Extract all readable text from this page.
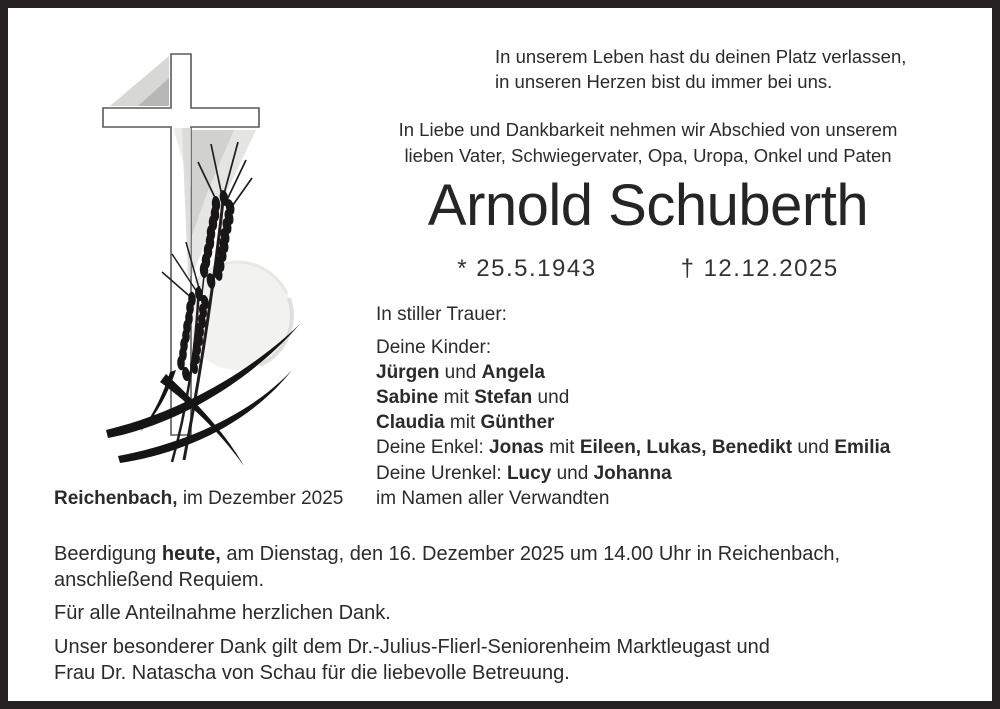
In unserem Leben hast du deinen Platz verlassen,
in unseren Herzen bist du immer bei uns.
In Liebe und Dankbarkeit nehmen wir Abschied von unserem
lieben Vater, Schwiegervater, Opa, Uropa, Onkel und Paten
Arnold Schuberth
* 25.5.1943	† 12.12.2025
In stiller Trauer:
Deine Kinder:
Jürgen und Angela
Sabine mit Stefan und
Claudia mit Günther
Deine Enkel: Jonas mit Eileen, Lukas, Benedikt und Emilia
Deine Urenkel: Lucy und Johanna
im Namen aller Verwandten
Reichenbach, im Dezember 2025
Beerdigung heute, am Dienstag, den 16. Dezember 2025 um 14.00 Uhr in Reichenbach,
anschließend Requiem.
Für alle Anteilnahme herzlichen Dank.
Unser besonderer Dank gilt dem Dr.-Julius-Flierl-Seniorenheim Marktleugast und
Frau Dr. Natascha von Schau für die liebevolle Betreuung.
